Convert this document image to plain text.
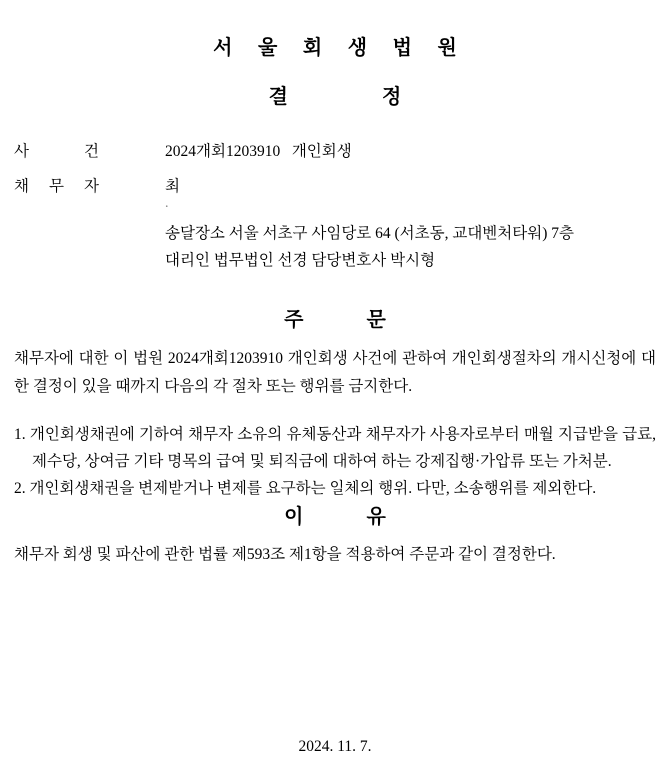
서 울 회 생 법 원
결	정
사	건	2024개회1203910   개인회생
채 무 자	최
.
송달장소 서울 서초구 사임당로 64 (서초동, 교대벤처타워) 7층
대리인 법무법인 선경 담당변호사 박시형
주	문

채무자에 대한 이 법원 2024개회1203910 개인회생 사건에 관하여 개인회생절차의 개시신청에 대한 결정이 있을 때까지 다음의 각 절차 또는 행위를 금지한다.

1. 개인회생채권에 기하여 채무자 소유의 유체동산과 채무자가 사용자로부터 매월 지급받을 급료, 제수당, 상여금 기타 명목의 급여 및 퇴직금에 대하여 하는 강제집행·가압류 또는 가처분.
2. 개인회생채권을 변제받거나 변제를 요구하는 일체의 행위. 다만, 소송행위를 제외한다.
이	유

채무자 회생 및 파산에 관한 법률 제593조 제1항을 적용하여 주문과 같이 결정한다.

2024. 11. 7.
